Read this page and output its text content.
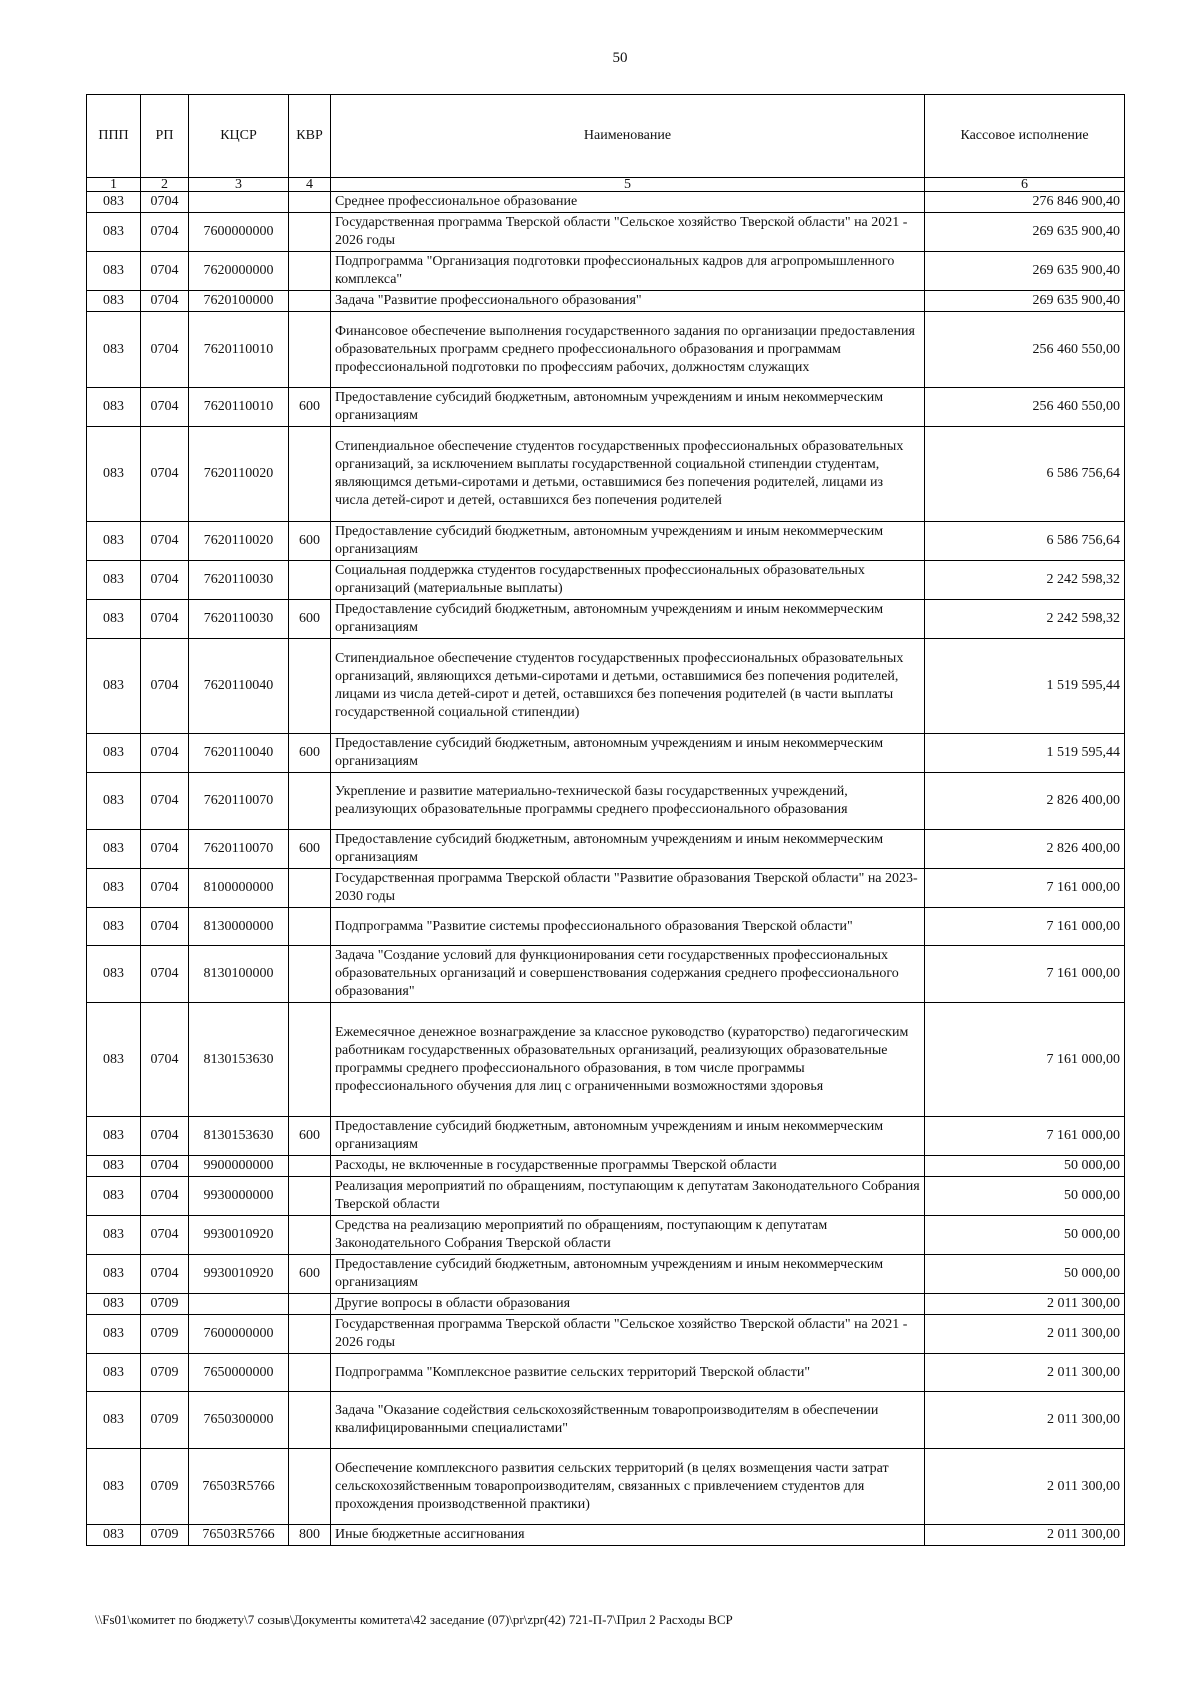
50
ППП	РП	КЦСР	КВР	Наименование	Кассовое исполнение
1	2	3	4	5	6
083	0704			Среднее профессиональное образование	276 846 900,40
083	0704	7600000000		Государственная программа Тверской области "Сельское хозяйство Тверской области" на 2021 - 2026 годы	269 635 900,40
083	0704	7620000000		Подпрограмма "Организация подготовки профессиональных кадров для агропромышленного комплекса"	269 635 900,40
083	0704	7620100000		Задача "Развитие профессионального образования"	269 635 900,40
083	0704	7620110010		Финансовое обеспечение выполнения государственного задания по организации предоставления образовательных программ среднего профессионального образования и программам профессиональной подготовки по профессиям рабочих, должностям служащих	256 460 550,00
083	0704	7620110010	600	Предоставление субсидий бюджетным, автономным учреждениям и иным некоммерческим организациям	256 460 550,00
083	0704	7620110020		Стипендиальное обеспечение студентов государственных профессиональных образовательных организаций, за исключением выплаты государственной социальной стипендии студентам, являющимся детьми-сиротами и детьми, оставшимися без попечения родителей, лицами из числа детей-сирот и детей, оставшихся без попечения родителей	6 586 756,64
083	0704	7620110020	600	Предоставление субсидий бюджетным, автономным учреждениям и иным некоммерческим организациям	6 586 756,64
083	0704	7620110030		Социальная поддержка студентов государственных профессиональных образовательных организаций (материальные выплаты)	2 242 598,32
083	0704	7620110030	600	Предоставление субсидий бюджетным, автономным учреждениям и иным некоммерческим организациям	2 242 598,32
083	0704	7620110040		Стипендиальное обеспечение студентов государственных профессиональных образовательных организаций, являющихся детьми-сиротами и детьми, оставшимися без попечения родителей, лицами из числа детей-сирот и детей, оставшихся без попечения родителей (в части выплаты государственной социальной стипендии)	1 519 595,44
083	0704	7620110040	600	Предоставление субсидий бюджетным, автономным учреждениям и иным некоммерческим организациям	1 519 595,44
083	0704	7620110070		Укрепление и развитие материально-технической базы государственных учреждений, реализующих образовательные программы среднего профессионального образования	2 826 400,00
083	0704	7620110070	600	Предоставление субсидий бюджетным, автономным учреждениям и иным некоммерческим организациям	2 826 400,00
083	0704	8100000000		Государственная программа Тверской области "Развитие образования Тверской области" на 2023-2030 годы	7 161 000,00
083	0704	8130000000		Подпрограмма "Развитие системы профессионального образования Тверской области"	7 161 000,00
083	0704	8130100000		Задача "Создание условий для функционирования сети государственных профессиональных образовательных организаций и совершенствования содержания среднего профессионального образования"	7 161 000,00
083	0704	8130153630		Ежемесячное денежное вознаграждение за классное руководство (кураторство) педагогическим работникам государственных образовательных организаций, реализующих образовательные программы среднего профессионального образования, в том числе программы профессионального обучения для лиц с ограниченными возможностями здоровья	7 161 000,00
083	0704	8130153630	600	Предоставление субсидий бюджетным, автономным учреждениям и иным некоммерческим организациям	7 161 000,00
083	0704	9900000000		Расходы, не включенные в государственные программы Тверской области	50 000,00
083	0704	9930000000		Реализация мероприятий по обращениям, поступающим к депутатам Законодательного Собрания Тверской области	50 000,00
083	0704	9930010920		Средства на реализацию мероприятий по обращениям, поступающим к депутатам Законодательного Собрания Тверской области	50 000,00
083	0704	9930010920	600	Предоставление субсидий бюджетным, автономным учреждениям и иным некоммерческим организациям	50 000,00
083	0709			Другие вопросы в области образования	2 011 300,00
083	0709	7600000000		Государственная программа Тверской области "Сельское хозяйство Тверской области" на 2021 - 2026 годы	2 011 300,00
083	0709	7650000000		Подпрограмма "Комплексное развитие сельских территорий Тверской области"	2 011 300,00
083	0709	7650300000		Задача "Оказание содействия сельскохозяйственным товаропроизводителям в обеспечении квалифицированными специалистами"	2 011 300,00
083	0709	76503R5766		Обеспечение комплексного развития сельских территорий (в целях возмещения части затрат сельскохозяйственным товаропроизводителям, связанных с привлечением студентов для прохождения производственной практики)	2 011 300,00
083	0709	76503R5766	800	Иные бюджетные ассигнования	2 011 300,00
\\Fs01\комитет по бюджету\7 созыв\Документы комитета\42 заседание (07)\pr\zpr(42) 721-П-7\Прил 2 Расходы ВСР
